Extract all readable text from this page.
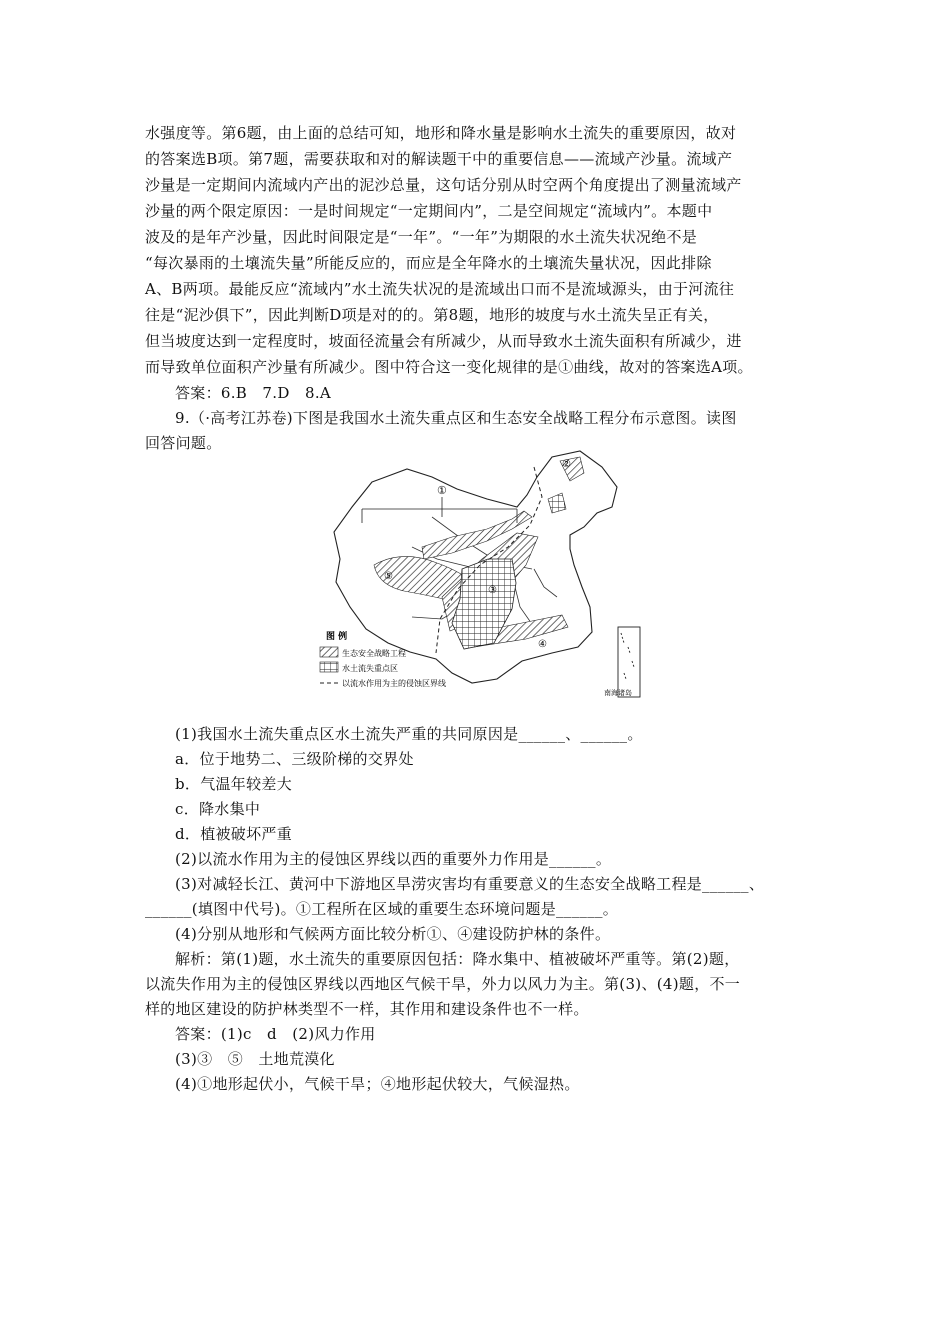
水强度等。第6题，由上面的总结可知，地形和降水量是影响水土流失的重要原因，故对
的答案选B项。第7题，需要获取和对的解读题干中的重要信息——流域产沙量。流域产
沙量是一定期间内流域内产出的泥沙总量，这句话分别从时空两个角度提出了测量流域产
沙量的两个限定原因：一是时间规定“一定期间内”，二是空间规定“流域内”。本题中
波及的是年产沙量，因此时间限定是“一年”。“一年”为期限的水土流失状况绝不是
“每次暴雨的土壤流失量”所能反应的，而应是全年降水的土壤流失量状况，因此排除
A、B两项。最能反应“流域内”水土流失状况的是流域出口而不是流域源头，由于河流往
往是“泥沙俱下”，因此判断D项是对的的。第8题，地形的坡度与水土流失呈正有关，
但当坡度达到一定程度时，坡面径流量会有所减少，从而导致水土流失面积有所减少，进
而导致单位面积产沙量有所减少。图中符合这一变化规律的是①曲线，故对的答案选A项。
答案：6.B　7.D　8.A
9.（·高考江苏卷)下图是我国水土流失重点区和生态安全战略工程分布示意图。读图
回答问题。
①
②
③
④
⑤
南海诸岛
图 例
生态安全战略工程
水土流失重点区
以流水作用为主的侵蚀区界线
(1)我国水土流失重点区水土流失严重的共同原因是______、______。
a．位于地势二、三级阶梯的交界处
b．气温年较差大
c．降水集中
d．植被破坏严重
(2)以流水作用为主的侵蚀区界线以西的重要外力作用是______。
(3)对减轻长江、黄河中下游地区旱涝灾害均有重要意义的生态安全战略工程是______、
______(填图中代号)。①工程所在区域的重要生态环境问题是______。
(4)分别从地形和气候两方面比较分析①、④建设防护林的条件。
解析：第(1)题，水土流失的重要原因包括：降水集中、植被破坏严重等。第(2)题，
以流失作用为主的侵蚀区界线以西地区气候干旱，外力以风力为主。第(3)、(4)题，不一
样的地区建设的防护林类型不一样，其作用和建设条件也不一样。
答案：(1)c　d　(2)风力作用
(3)③　⑤　土地荒漠化
(4)①地形起伏小，气候干旱；④地形起伏较大，气候湿热。
